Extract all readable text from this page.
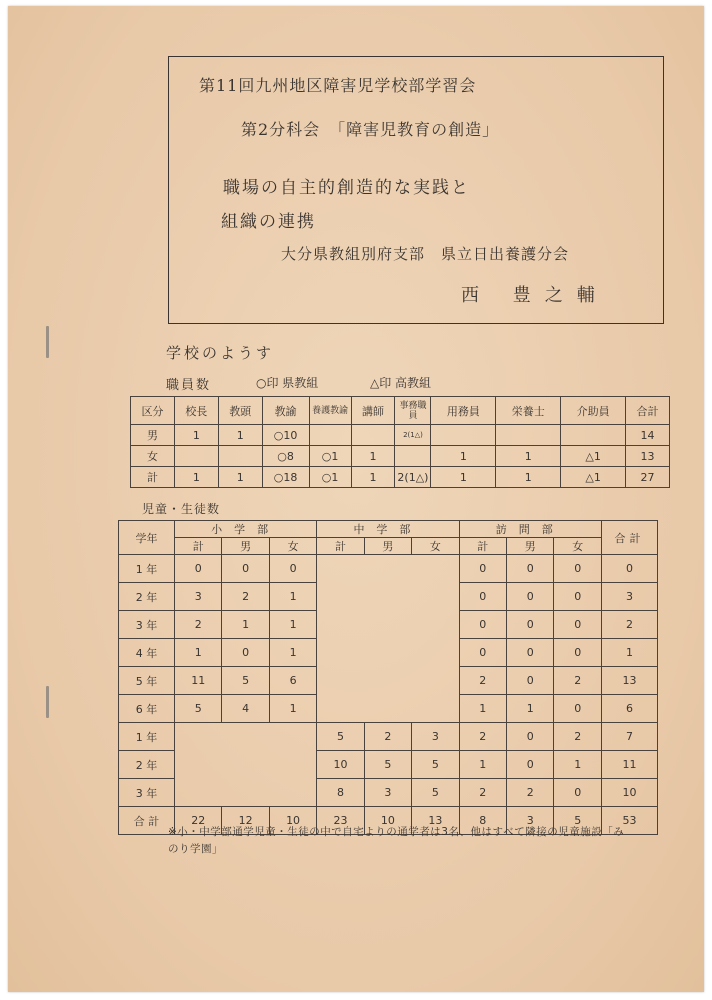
第11回九州地区障害児学校部学習会
第2分科会　「障害児教育の創造」
職場の自主的創造的な実践と
組織の連携
大分県教組別府支部　県立日出養護分会
西 豊之輔
学校のようす
職員数	○印 県教組	△印 高教組
区分	校長	教頭	教諭	養護教諭	講師	事務職員	用務員	栄養士	介助員	合計
男	1	1	○10			2(1△)				14
女			○8	○1	1		1	1	△1	13
計	1	1	○18	○1	1	2(1△)	1	1	△1	27
児童・生徒数
学年	小学部			中学部			訪問部			合計
	計	男	女	計	男	女	計	男	女	
1 年	0	0	0				0	0	0	0
2 年	3	2	1				0	0	0	3
3 年	2	1	1				0	0	0	2
4 年	1	0	1				0	0	0	1
5 年	11	5	6				2	0	2	13
6 年	5	4	1				1	1	0	6
1 年				5	2	3	2	0	2	7
2 年				10	5	5	1	0	1	11
3 年				8	3	5	2	2	0	10
合 計	22	12	10	23	10	13	8	3	5	53
※小・中学部通学児童・生徒の中で自宅よりの通学者は3名、他はすべて隣接の児童施設「みのり学園」
